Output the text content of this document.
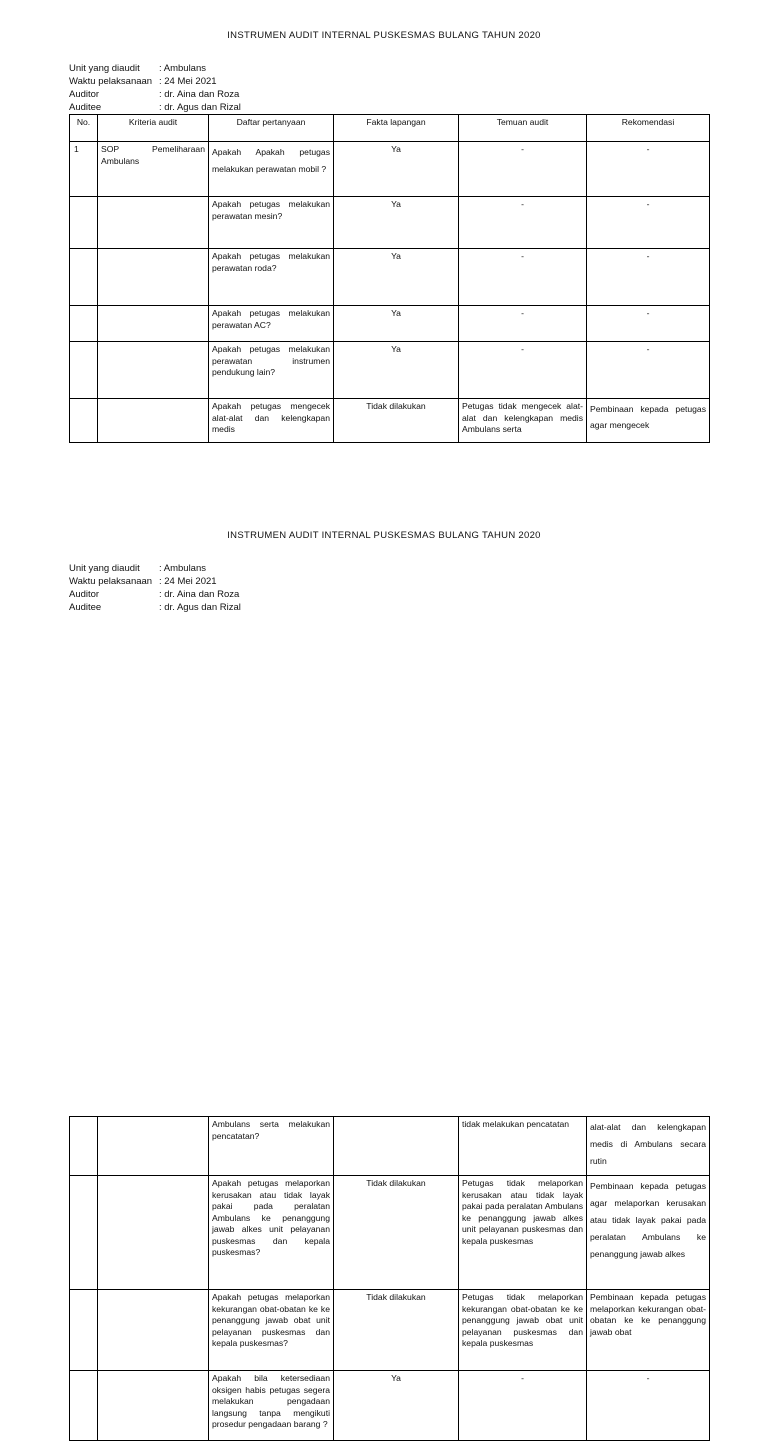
INSTRUMEN AUDIT INTERNAL PUSKESMAS BULANG TAHUN 2020
Unit yang diaudit	: Ambulans
Waktu pelaksanaan : 24 Mei 2021
Auditor	: dr. Aina dan Roza
Auditee	: dr. Agus dan Rizal
No.	Kriteria audit	Daftar pertanyaan	Fakta lapangan	Temuan audit	Rekomendasi
1	SOP Pemeliharaan Ambulans	Apakah Apakah petugas melakukan perawatan mobil ?	Ya	-	-
		Apakah petugas melakukan perawatan mesin?	Ya	-	-
		Apakah petugas melakukan perawatan roda?	Ya	-	-
		Apakah petugas melakukan perawatan AC?	Ya	-	-
		Apakah petugas melakukan perawatan instrumen pendukung lain?	Ya	-	-
		Apakah petugas mengecek alat-alat dan kelengkapan medis	Tidak dilakukan	Petugas tidak mengecek alat-alat dan kelengkapan medis Ambulans serta	Pembinaan kepada petugas agar mengecek
INSTRUMEN AUDIT INTERNAL PUSKESMAS BULANG TAHUN 2020
Unit yang diaudit	: Ambulans
Waktu pelaksanaan : 24 Mei 2021
Auditor	: dr. Aina dan Roza
Auditee	: dr. Agus dan Rizal
		Ambulans serta melakukan pencatatan?		tidak melakukan pencatatan	alat-alat dan kelengkapan medis di Ambulans secara rutin
		Apakah petugas melaporkan kerusakan atau tidak layak pakai pada peralatan Ambulans ke penanggung jawab alkes unit pelayanan puskesmas dan kepala puskesmas?	Tidak dilakukan	Petugas tidak melaporkan kerusakan atau tidak layak pakai pada peralatan Ambulans ke penanggung jawab alkes unit pelayanan puskesmas dan kepala puskesmas	Pembinaan kepada petugas agar melaporkan kerusakan atau tidak layak pakai pada peralatan Ambulans ke penanggung jawab alkes
		Apakah petugas melaporkan kekurangan obat-obatan ke ke penanggung jawab obat unit pelayanan puskesmas dan kepala puskesmas?	Tidak dilakukan	Petugas tidak melaporkan kekurangan obat-obatan ke ke penanggung jawab obat unit pelayanan puskesmas dan kepala puskesmas	Pembinaan kepada petugas melaporkan kekurangan obat-obatan ke ke penanggung jawab obat
		Apakah bila ketersediaan oksigen habis petugas segera melakukan pengadaan langsung tanpa mengikuti prosedur pengadaan barang ?	Ya	-	-
